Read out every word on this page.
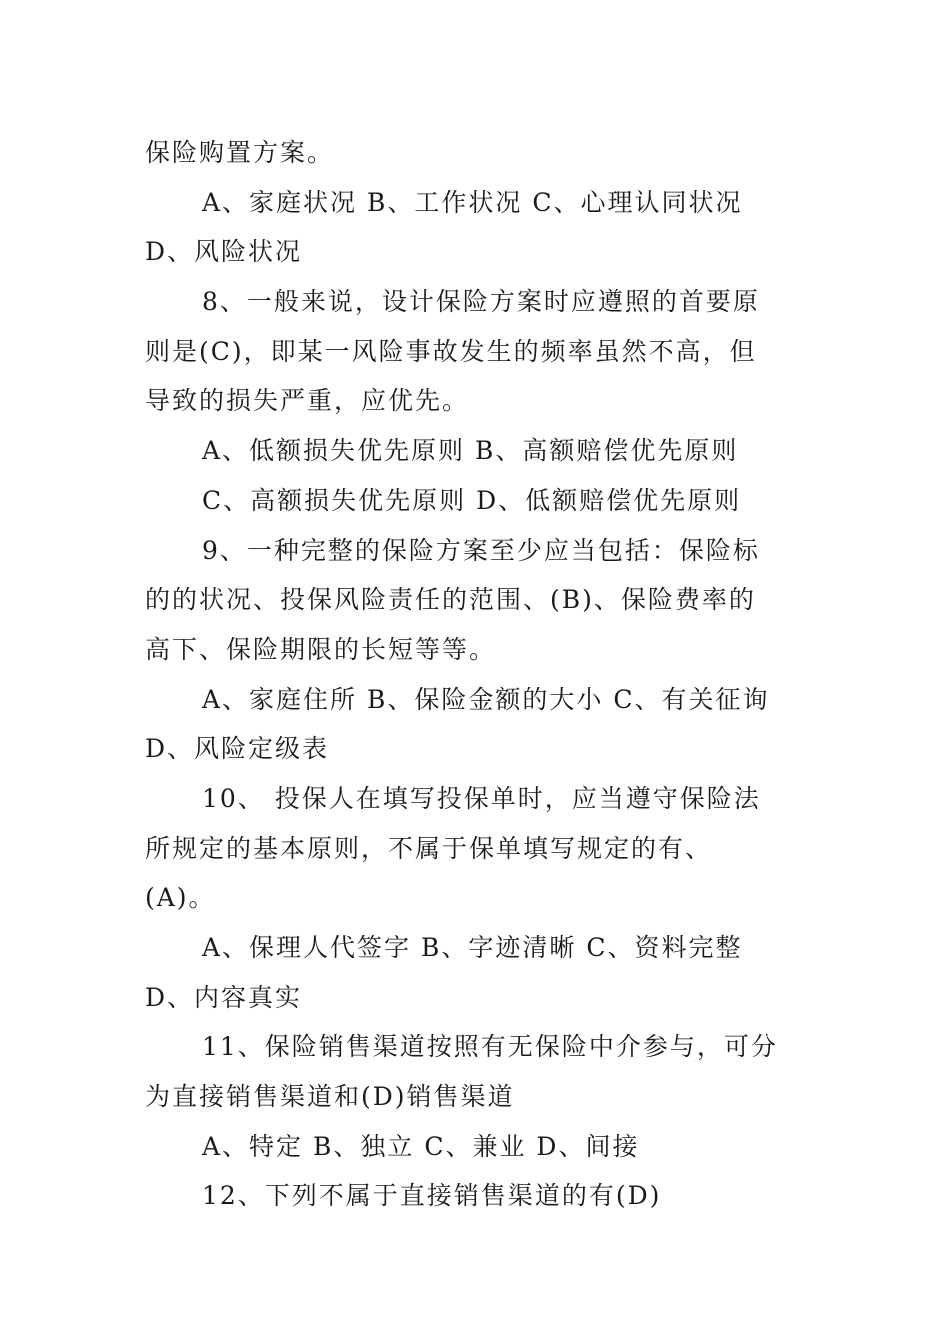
保险购置方案。
A、家庭状况 B、工作状况 C、心理认同状况
D、风险状况
8、一般来说，设计保险方案时应遵照的首要原
则是(C)，即某一风险事故发生的频率虽然不高，但
导致的损失严重，应优先。
A、低额损失优先原则 B、高额赔偿优先原则
C、高额损失优先原则 D、低额赔偿优先原则
9、一种完整的保险方案至少应当包括：保险标
的的状况、投保风险责任的范围、(B)、保险费率的
高下、保险期限的长短等等。
A、家庭住所 B、保险金额的大小 C、有关征询
D、风险定级表
10、 投保人在填写投保单时，应当遵守保险法
所规定的基本原则，不属于保单填写规定的有、
(A)。
A、保理人代签字 B、字迹清晰 C、资料完整
D、内容真实
11、保险销售渠道按照有无保险中介参与，可分
为直接销售渠道和(D)销售渠道
A、特定 B、独立 C、兼业 D、间接
12、下列不属于直接销售渠道的有(D)
